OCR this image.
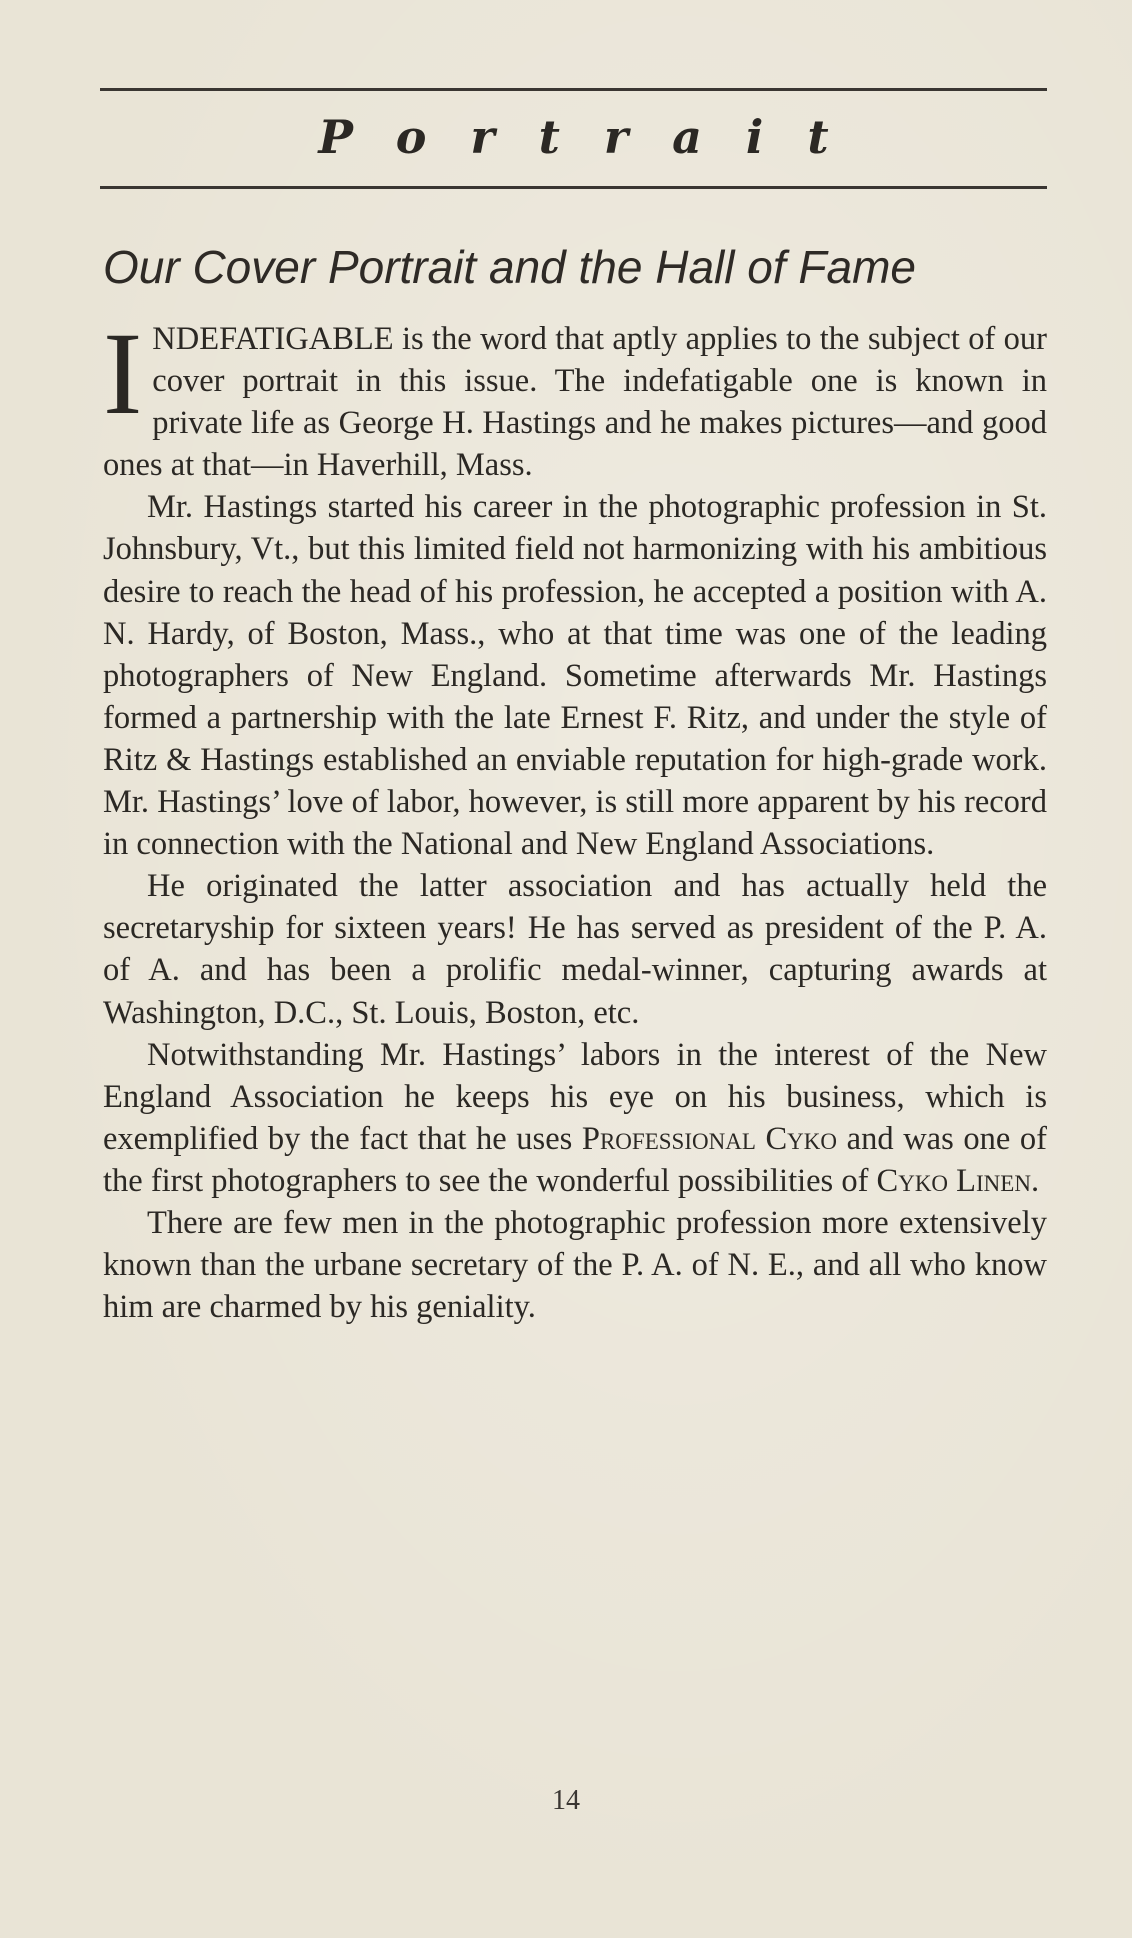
Portrait
Our Cover Portrait and the Hall of Fame

INDEFATIGABLE is the word that aptly applies to the subject of our cover portrait in this issue. The indefatigable one is known in private life as George H. Hastings and he makes pictures—and good ones at that—in Haverhill, Mass.

Mr. Hastings started his career in the photographic profession in St. Johnsbury, Vt., but this limited field not harmonizing with his ambitious desire to reach the head of his profession, he accepted a position with A. N. Hardy, of Boston, Mass., who at that time was one of the leading photographers of New England. Sometime afterwards Mr. Hastings formed a partnership with the late Ernest F. Ritz, and under the style of Ritz & Hastings established an enviable reputation for high-grade work. Mr. Hastings’ love of labor, however, is still more apparent by his record in connection with the National and New England Associations.

He originated the latter association and has actually held the secretaryship for sixteen years! He has served as president of the P. A. of A. and has been a prolific medal-winner, capturing awards at Washington, D.C., St. Louis, Boston, etc.

Notwithstanding Mr. Hastings’ labors in the interest of the New England Association he keeps his eye on his business, which is exemplified by the fact that he uses Professional Cyko and was one of the first photographers to see the wonderful possibilities of Cyko Linen.

There are few men in the photographic profession more extensively known than the urbane secretary of the P. A. of N. E., and all who know him are charmed by his geniality.

14
